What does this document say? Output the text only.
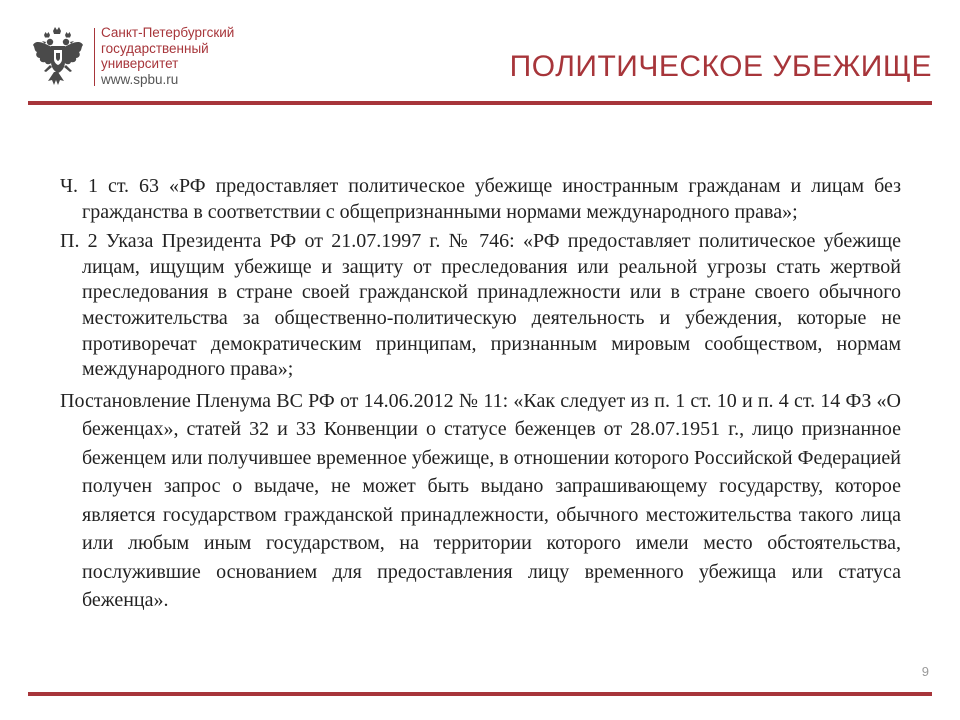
Санкт-Петербургский
государственный
университет
www.spbu.ru	ПОЛИТИЧЕСКОЕ УБЕЖИЩЕ

Ч. 1 ст. 63 «РФ предоставляет политическое убежище иностранным гражданам и лицам без гражданства в соответствии с общепризнанными нормами международного права»;

П. 2 Указа Президента РФ от 21.07.1997 г. № 746: «РФ предоставляет политическое убежище лицам, ищущим убежище и защиту от преследования или реальной угрозы стать жертвой преследования в стране своей гражданской принадлежности или в стране своего обычного местожительства за общественно-политическую деятельность и убеждения, которые не противоречат демократическим принципам, признанным мировым сообществом, нормам международного права»;

Постановление Пленума ВС РФ от 14.06.2012 № 11: «Как следует из п. 1 ст. 10 и п. 4 ст. 14 ФЗ «О беженцах», статей 32 и 33 Конвенции о статусе беженцев от 28.07.1951 г., лицо признанное беженцем или получившее временное убежище, в отношении которого Российской Федерацией получен запрос о выдаче, не может быть выдано запрашивающему государству, которое является государством гражданской принадлежности, обычного местожительства такого лица или любым иным государством, на территории которого имели место обстоятельства, послужившие основанием для предоставления лицу временного убежища или статуса беженца».

9
